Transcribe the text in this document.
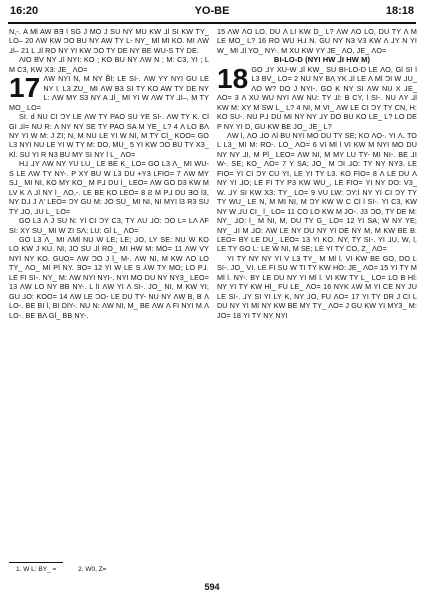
16:20	YO-BE	18:18

N,-. A MƖ AW BƎ Ɩ SG J MO J SU NY MU KW ⅃Ɩ SI KW TY_ LO– 20 ΛW KW ƆO BU NY AW TY L- NY_ MƖ MI KO. MI ΛW ⅃Ɩ– 21 L ⅃Ɩ RO NY YI KW ƆO TY DE NY BE WU-S TY DE.

ΛIO BV NY ⅃Ɩ NYI: KO ; KO BU NY ΛW N ; M: C3, YI ; L M C3, KW X3: JE_ ΛO=

17 ΛW NYI N, M NY B̃Ɩ: LE SI-. ΛW YY NYI GU LE NY I. L3 ZU_ MI ΛW B3 SI TY KO AW TY DE NY L: ΛW MY S3 NY A ⅃Ɩ_ MI YI W ΛW TY ⅃Ɩ–, M TY MO_ LO=

SI. d NU CI ƆY LE ΛW TY PAO SU YE SI-. ΛW TY K. CƖ GI ⅃Ɩ= NU R: Λ NY NY SE TY PAO SA M YE_ L? 4 Λ LO BΛ NY YI W M: J ZI; N, M NU LE YI W NI, M TY CƖ_ KOO= GO L3 NYI NU LE YI W TY M: DO, MU_ 5 YI KW ƆO BU TY X3_ KƖ. SU YI R N3 BU MY SI NY Ɩ L_ ΛO=

H⅃ ⅃Y ΛW NY YU LU_ LE BE K_ LO= GO L3 Λ_ MI WU-S LE ΛW TY NY-. P XY BU W L3 DU +Y3 LFIO= 7 ΛW MY S⅃_ MI NI, KO MY KO_ M P⅃ DU Ɩ_ LEO= ΛW GO D3 KW M LV K Λ ⅃Ɩ NY Ɩ_ ΛO,-. LE BE KO LEO= 8 Ƨ M P⅃ DU ƎO Ɩ3, NY D⅃ J Λ' LEO= ƆY GU M: JO SU_ MI NI, NI MYI Ɩ3 R3 SU TY ⅃O, ⅃U L_ LO=

GO L3 Λ J SU N: YI CI ƆY C3, TY ΛU ⅃O: ƆO L= LΛ ΛF SI: XY SU_ MI W ZI SΛ; LU: GƖ L_ ΛO=

GO L3 Λ_ MI ΛMƖ NU W LE; LE; ⅃O, LY SE: NU W KO LO KW J KU. NI, JO SU ⅃Ɩ RO_ MI HW M: MO= 11 ΛW VY NYI NY KO. GUO= ΛW ƆO J Ɩ_ M-. ΛW NI, M KW ΛO LO TY_ ΛO_ MI PƖ NY. ƎO= 12 YI W LE S ⅄W TY MO; LO P⅃. LE FI SI-. NY_ M: ΛW NYI NYI-. NYI MO DU NY NY3_ LEO= 13 ΛW LO NY BB NY-. L ƖI ΛW YI Λ SI-. JO_ NI, M KW YI; GU ⅃O: KOO= 14 ΛW LE ƆO- LE DU TY- NU NY ΛW B, B Λ LO-. BE BI Ɩ, BI DƖY-. NU N: ΛW NI, M_ BE ΛW Λ FI NYI M Λ LO-. BE BΛ GƖ_ BB NY-.

15 ΛW ΛO LO. DU Λ LI KW D_ L? ΛW ΛO LO, DU TY Λ M LE MO_ L? 16 RO WU H⅃ N. GU NY N3 V3 KW Λ ⅃Y N YI W_ MI ⅃Ɩ YO_ NY-. M XU KW YY JE_ ΛO, JE_ ΛO=

BI-LO-D (NYI HW ⅃Ɩ HW M)

18 GO ⅃Y XU-W ⅃Ɩ KW_ SU BI-LO-D LE ΛO, GƖ SI Ɩ L3 BV_ LO= 2 NU NY BΛ YK ⅃Ɩ LE Λ MƖ ƆI W ⅃U_ ΛO W? DO J NYI-. GO K NY SI ΛW NU X ⅃E_ ΛO= 3 Λ XU WU NYI ΛW NU: TY ⅃Ɩ: B CY, Ɩ SI-. NU ΛY ⅃Ɩ KW M: XY M SW L_ L? 4 NI, M VI_ ΛW LE CI ƆY TY CN, H: KO SU-. NU P⅃ DU MI NY NY ⅃Y DO BU KO LE_ L? LO DE P NY YI D, GU KW BE JO_ JE_ L?

ΛW Ɩ, ΛO ⅃O ΛƖ BU NYI MO DU TY SE; KO ΛO-. YI Λ. TO L L3_ MI M: RO-. LO_ ΛO= 6 VI MƖ Ɩ VI KW M NYI MO DU NY NY ⅃I, M PƖ_ LEO= ΛW NI, M MY LU TY- MI NI-. BE ⅃I W-. SE; KO_ ΛO= 7 Y SA; JO_ M ƆI ⅃O: TY NY NY3. LE FIO= YI CI ƆY CU YI, LE YI TY L3. KO FIO= 8 Λ LE DU Λ NY YI ⅃O; LE FI TY P3 KW WU_, LE FIO= YI NY DO: V3_ W. ⅃Y SI KW X3: TY_ LO= 9 VU LW: ƆY:Ɩ NY YI CI ƆY TY TY WU_ LE N, M MI NI, M ƆY KW W C CƖ Ɩ SI-. YI C3, KW NY W ⅃U CI_ Ɩ_ LO= 11 CO LO KW M JO-. J3 ƆO, TY DE M: NY_ ⅃O: Ɩ_ M NI, M, DU TY G_ LO= 12 YI SA; W NY YE; NY_ ⅃I M ⅃O: ΛW LE NY DU NY YI DE NY M, M KW BE B: LEO= BY LE DU_ LEO= 13 YI KO. NY, TY SI-. YI ⅃U, W, Ɩ, LE TY GO L: LE W NI, M SE; LE YI TY CO, Z_ ΛO=

YI TY NY NY YI V L3 TY_ M MƖ Ɩ. VI KW BE GO, DO L SI-. JO_ VI. LE FI SU W TI TY KW HO: JE_ ΛO= 15 YI TY M MƖ Ɩ. NY-. BY LE DU NY YI MƖ Ɩ. VI KW TY L_ LO= LO B HƖ: NY YI TY KW HƖ_ FU LE_ ΛO= 16 NYK ⅄W M YI CE NY JU LE SI-. ⅃Y SI YI LY K, NY ⅃O, FU ΛO= 17 YI TY DR J CI L DU NY YI MI NY KW BE MY TY_ ΛO= J GU KW YI MY3_ M: JO= 18 YI TY NY NYI

1. W L: BY_ =	2. W0, Z=
594
